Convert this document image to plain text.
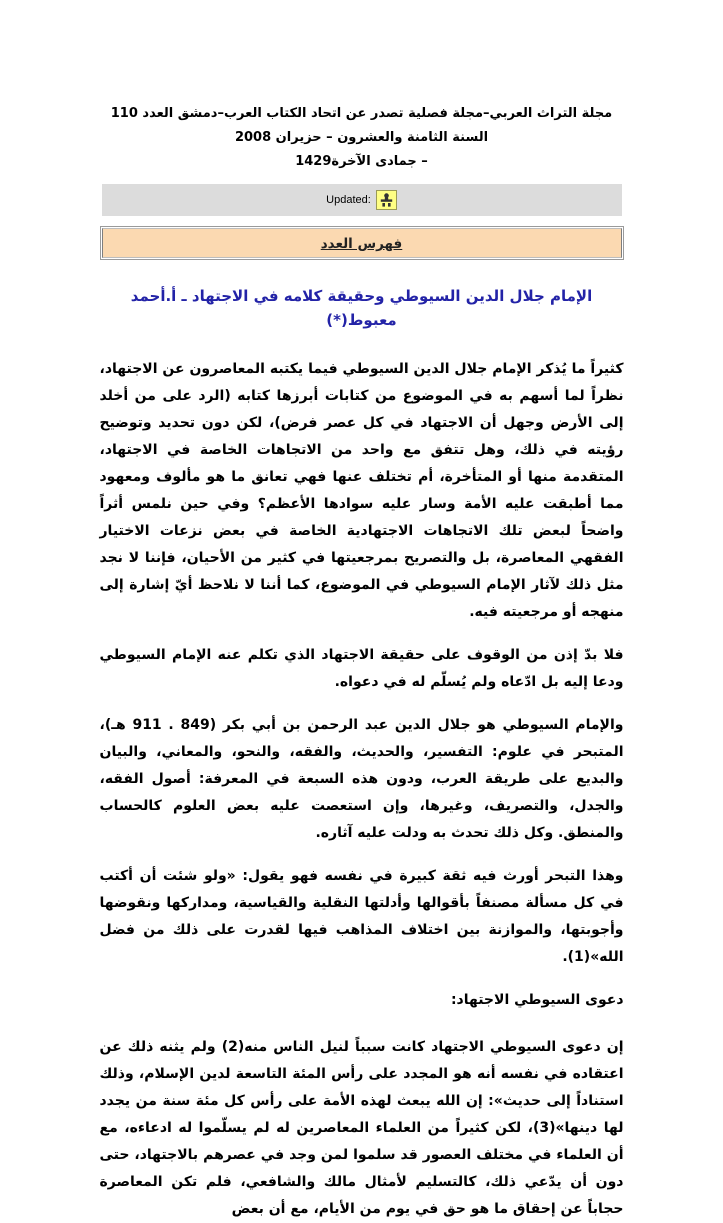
مجلة التراث العربي–مجلة فصلية تصدر عن اتحاد الكتاب العرب–دمشق العدد 110 السنة الثامنة والعشرون – حزيران 2008
– جمادى الآخرة1429
Updated:
فهرس العدد
الإمام جلال الدين السيوطي وحقيقة كلامه في الاجتهاد ـ أ.أحمد معبوط(*)

كثيراً ما يُذكر الإمام جلال الدين السيوطي فيما يكتبه المعاصرون عن الاجتهاد، نظراً لما أسهم به في الموضوع من كتابات أبرزها كتابه (الرد على من أخلد إلى الأرض وجهل أن الاجتهاد في كل عصر فرض)، لكن دون تحديد وتوضيح رؤيته في ذلك، وهل تتفق مع واحد من الاتجاهات الخاصة في الاجتهاد، المتقدمة منها أو المتأخرة، أم تختلف عنها فهي تعانق ما هو مألوف ومعهود مما أطبقت عليه الأمة وسار عليه سوادها الأعظم؟ وفي حين نلمس أثراً واضحاً لبعض تلك الاتجاهات الاجتهادية الخاصة في بعض نزعات الاختيار الفقهي المعاصرة، بل والتصريح بمرجعيتها في كثير من الأحيان، فإننا لا نجد مثل ذلك لآثار الإمام السيوطي في الموضوع، كما أننا لا نلاحظ أيّ إشارة إلى منهجه أو مرجعيته فيه.

فلا بدّ إذن من الوقوف على حقيقة الاجتهاد الذي تكلم عنه الإمام السيوطي ودعا إليه بل ادّعاه ولم يُسلّم له في دعواه.

والإمام السيوطي هو جلال الدين عبد الرحمن بن أبي بكر (849 . 911 هـ)، المتبحر في علوم: التفسير، والحديث، والفقه، والنحو، والمعاني، والبيان والبديع على طريقة العرب، ودون هذه السبعة في المعرفة: أصول الفقه، والجدل، والتصريف، وغيرها، وإن استعصت عليه بعض العلوم كالحساب والمنطق. وكل ذلك تحدث به ودلت عليه آثاره.

وهذا التبحر أورث فيه ثقة كبيرة في نفسه فهو يقول: «ولو شئت أن أكتب في كل مسألة مصنفاً بأقوالها وأدلتها النقلية والقياسية، ومداركها ونقوضها وأجوبتها، والموازنة بين اختلاف المذاهب فيها لقدرت على ذلك من فضل الله»(1).

دعوى السيوطي الاجتهاد:

إن دعوى السيوطي الاجتهاد كانت سبباً لنيل الناس منه(2) ولم يثنه ذلك عن اعتقاده في نفسه أنه هو المجدد على رأس المئة التاسعة لدين الإسلام، وذلك استناداً إلى حديث»: إن الله يبعث لهذه الأمة على رأس كل مئة سنة من يجدد لها دينها»(3)، لكن كثيراً من العلماء المعاصرين له لم يسلّموا له ادعاءه، مع أن العلماء في مختلف العصور قد سلموا لمن وجد في عصرهم بالاجتهاد، حتى دون أن يدّعي ذلك، كالتسليم لأمثال مالك والشافعي، فلم تكن المعاصرة حجاباً عن إحقاق ما هو حق في يوم من الأيام، مع أن بعض
